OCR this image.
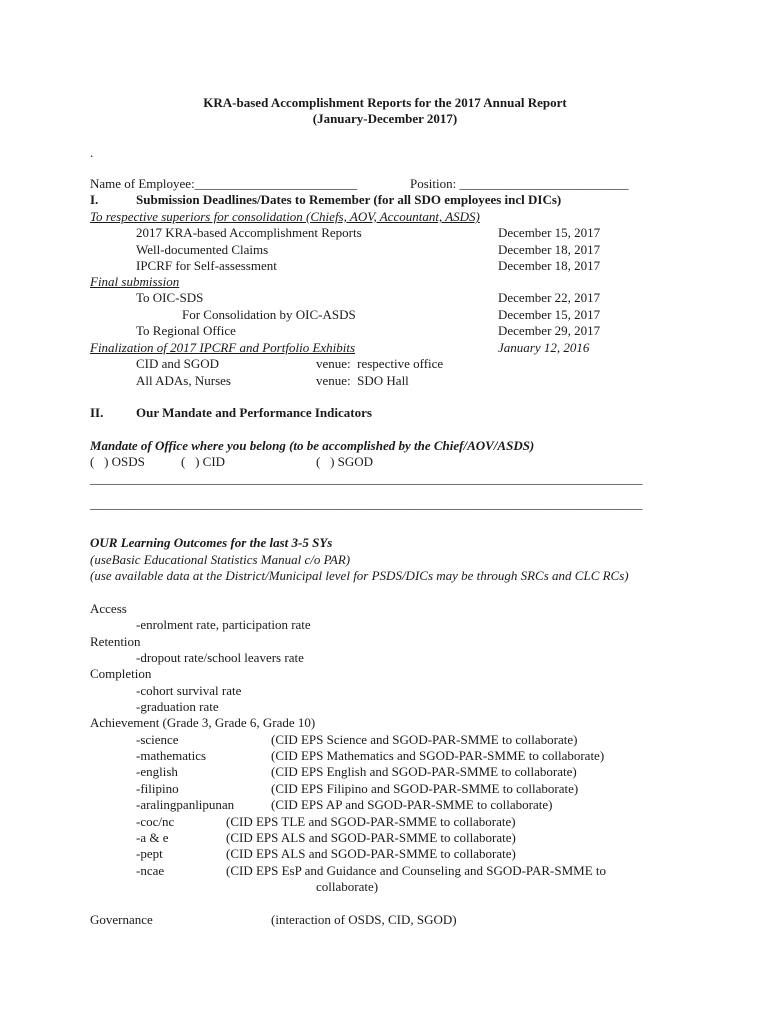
KRA-based Accomplishment Reports for the 2017 Annual Report
(January-December 2017)
.
Name of Employee:_________________________	Position: __________________________
I.	Submission Deadlines/Dates to Remember (for all SDO employees incl DICs)
To respective superiors for consolidation (Chiefs, AOV, Accountant, ASDS)
2017 KRA-based Accomplishment Reports	December 15, 2017
Well-documented Claims	December 18, 2017
IPCRF for Self-assessment	December 18, 2017
Final submission
To OIC-SDS	December 22, 2017
For Consolidation by OIC-ASDS	December 15, 2017
To Regional Office	December 29, 2017
Finalization of 2017 IPCRF and Portfolio Exhibits	January 12, 2016
CID and SGOD	venue:  respective office
All ADAs, Nurses	venue:  SDO Hall
II.	Our Mandate and Performance Indicators
Mandate of Office where you belong (to be accomplished by the Chief/AOV/ASDS)
(   ) OSDS	(   ) CID	(   ) SGOD
_____________________________________________________________________________________
_____________________________________________________________________________________
OUR Learning Outcomes for the last 3-5 SYs
(useBasic Educational Statistics Manual c/o PAR)
(use available data at the District/Municipal level for PSDS/DICs may be through SRCs and CLC RCs)
Access
-enrolment rate, participation rate
Retention
-dropout rate/school leavers rate
Completion
-cohort survival rate
-graduation rate
Achievement (Grade 3, Grade 6, Grade 10)
-science	(CID EPS Science and SGOD-PAR-SMME to collaborate)
-mathematics	(CID EPS Mathematics and SGOD-PAR-SMME to collaborate)
-english	(CID EPS English and SGOD-PAR-SMME to collaborate)
-filipino	(CID EPS Filipino and SGOD-PAR-SMME to collaborate)
-aralingpanlipunan	(CID EPS AP and SGOD-PAR-SMME to collaborate)
-coc/nc	(CID EPS TLE and SGOD-PAR-SMME to collaborate)
-a & e	(CID EPS ALS and SGOD-PAR-SMME to collaborate)
-pept	(CID EPS ALS and SGOD-PAR-SMME to collaborate)
-ncae	(CID EPS EsP and Guidance and Counseling and SGOD-PAR-SMME to
collaborate)
Governance	(interaction of OSDS, CID, SGOD)
